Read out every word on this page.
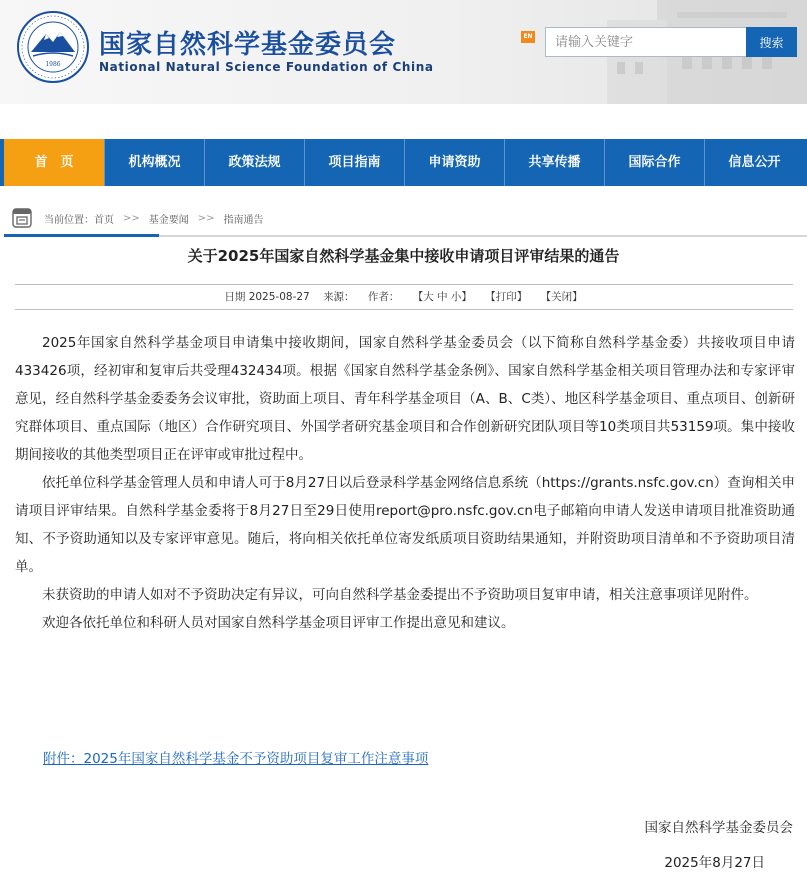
1986
国家自然科学基金委员会
National Natural Science Foundation of China
EN
请输入关键字	搜索
首　页	机构概况	政策法规	项目指南	申请资助	共享传播	国际合作	信息公开
当前位置： 首页 >> 基金要闻 >> 指南通告
关于2025年国家自然科学基金集中接收申请项目评审结果的通告
日期 2025-08-27 来源： 作者： 【大 中 小】 【打印】 【关闭】

2025年国家自然科学基金项目申请集中接收期间，国家自然科学基金委员会（以下简称自然科学基金委）共接收项目申请433426项，经初审和复审后共受理432434项。根据《国家自然科学基金条例》、国家自然科学基金相关项目管理办法和专家评审意见，经自然科学基金委委务会议审批，资助面上项目、青年科学基金项目（A、B、C类）、地区科学基金项目、重点项目、创新研究群体项目、重点国际（地区）合作研究项目、外国学者研究基金项目和合作创新研究团队项目等10类项目共53159项。集中接收期间接收的其他类型项目正在评审或审批过程中。

依托单位科学基金管理人员和申请人可于8月27日以后登录科学基金网络信息系统（https://grants.nsfc.gov.cn）查询相关申请项目评审结果。自然科学基金委将于8月27日至29日使用report@pro.nsfc.gov.cn电子邮箱向申请人发送申请项目批准资助通知、不予资助通知以及专家评审意见。随后，将向相关依托单位寄发纸质项目资助结果通知，并附资助项目清单和不予资助项目清单。

未获资助的申请人如对不予资助决定有异议，可向自然科学基金委提出不予资助项目复审申请，相关注意事项详见附件。

欢迎各依托单位和科研人员对国家自然科学基金项目评审工作提出意见和建议。

附件：2025年国家自然科学基金不予资助项目复审工作注意事项
国家自然科学基金委员会
2025年8月27日
